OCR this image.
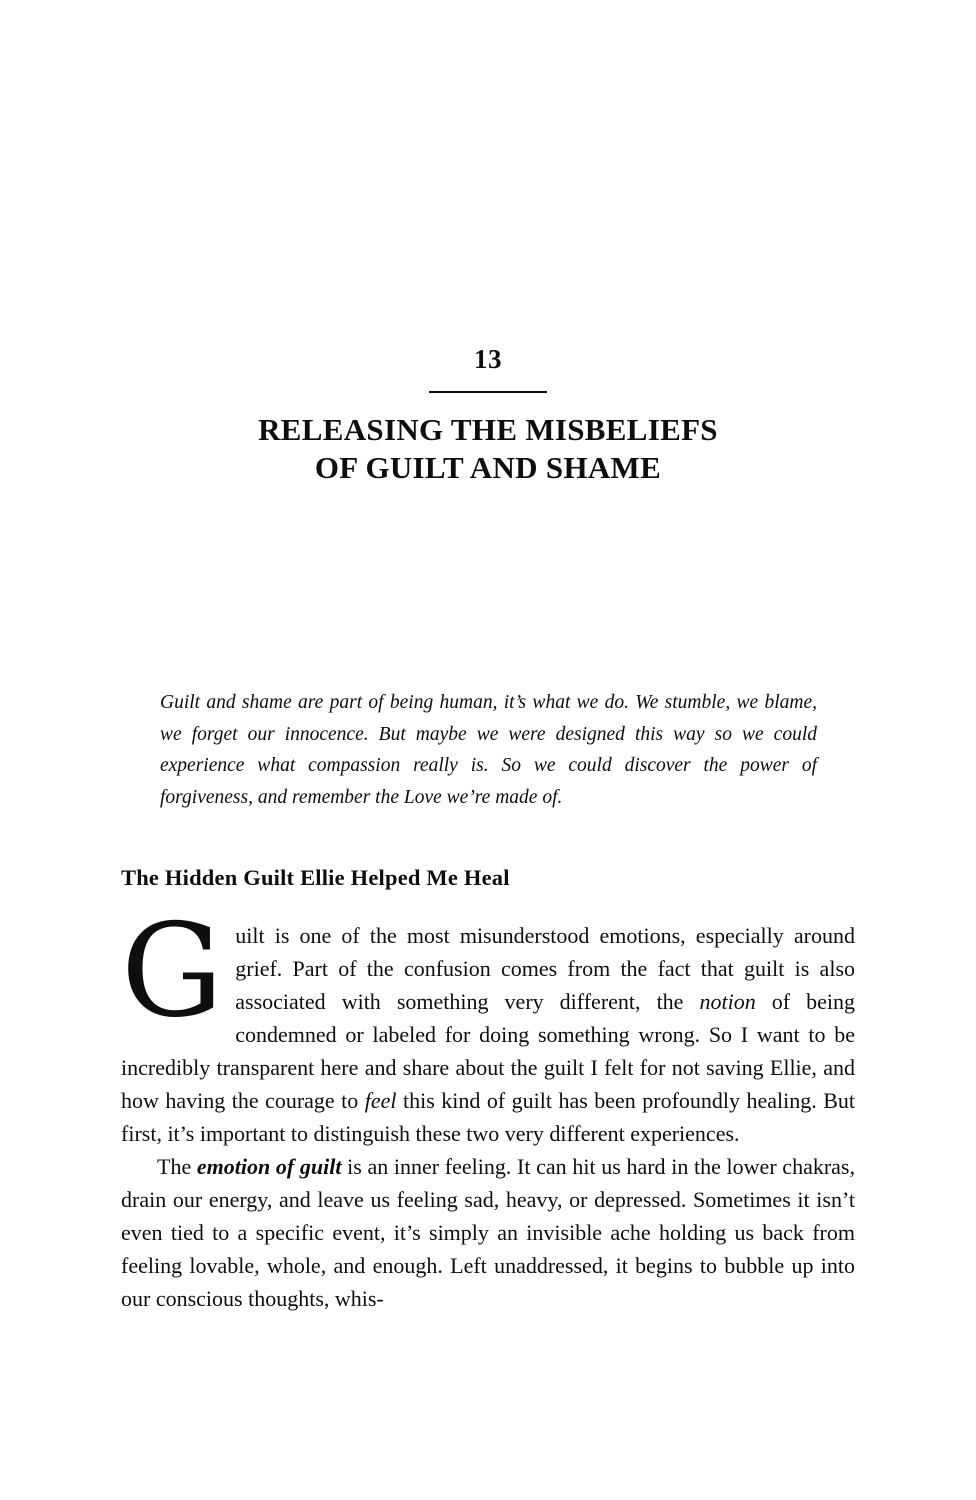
13
RELEASING THE MISBELIEFS
OF GUILT AND SHAME
Guilt and shame are part of being human, it’s what we do. We stumble, we blame, we forget our innocence. But maybe we were designed this way so we could experience what compassion really is. So we could discover the power of forgiveness, and remember the Love we’re made of.
The Hidden Guilt Ellie Helped Me Heal

Guilt is one of the most misunderstood emotions, especially around grief. Part of the confusion comes from the fact that guilt is also associated with something very different, the notion of being condemned or labeled for doing something wrong. So I want to be incredibly transparent here and share about the guilt I felt for not saving Ellie, and how having the courage to feel this kind of guilt has been profoundly healing. But first, it’s important to distinguish these two very different experiences.

The emotion of guilt is an inner feeling. It can hit us hard in the lower chakras, drain our energy, and leave us feeling sad, heavy, or depressed. Sometimes it isn’t even tied to a specific event, it’s simply an invisible ache holding us back from feeling lovable, whole, and enough. Left unaddressed, it begins to bubble up into our conscious thoughts, whis-
